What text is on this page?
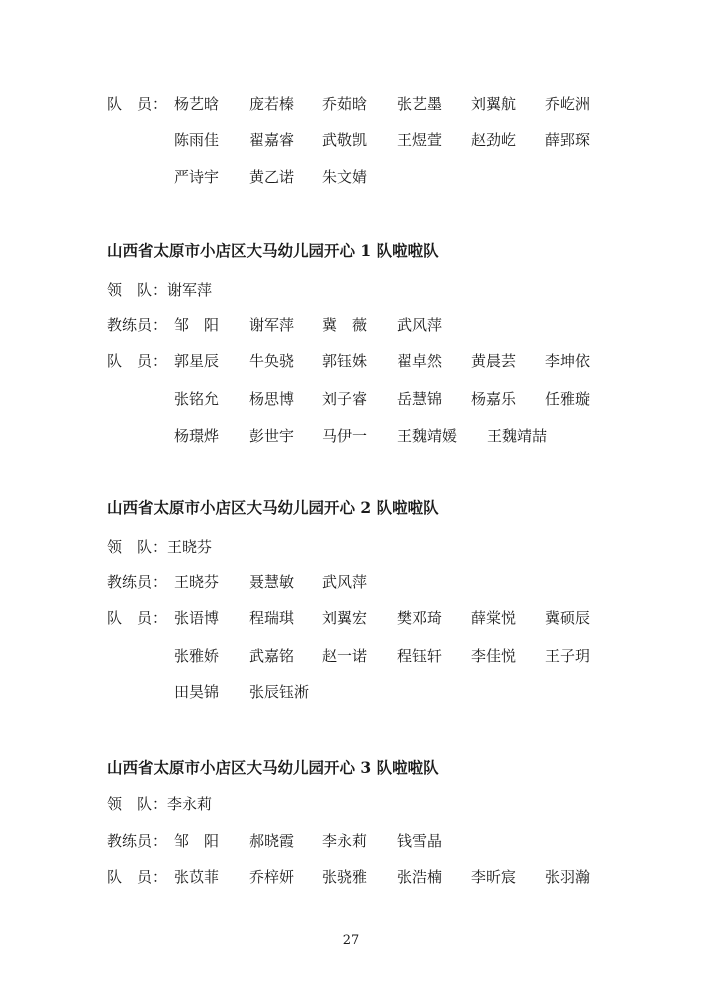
队　员： 杨艺晗 庞若榛 乔茹晗 张艺墨 刘翼航 乔屹洲
陈雨佳 翟嘉睿 武敬凯 王煜萱 赵劲屹 薛郢琛
严诗宇 黄乙诺 朱文婧
山西省太原市小店区大马幼儿园开心 1 队啦啦队
领　队：谢军萍
教练员： 邹　阳 谢军萍 冀　薇 武风萍
队　员： 郭星辰 牛奂骁 郭钰姝 翟卓然 黄晨芸 李坤依
张铭允 杨思博 刘子睿 岳慧锦 杨嘉乐 任雅璇
杨璟烨 彭世宇 马伊一 王魏靖媛 王魏靖喆
山西省太原市小店区大马幼儿园开心 2 队啦啦队
领　队：王晓芬
教练员： 王晓芬 聂慧敏 武风萍
队　员： 张语博 程瑞琪 刘翼宏 樊邓琦 薛棠悦 冀硕辰
张雅娇 武嘉铭 赵一诺 程钰轩 李佳悦 王子玥
田昊锦 张辰钰淅
山西省太原市小店区大马幼儿园开心 3 队啦啦队
领　队：李永莉
教练员： 邹　阳 郝晓霞 李永莉 钱雪晶
队　员： 张苡菲 乔梓妍 张骁雅 张浩楠 李昕宸 张羽瀚
27
